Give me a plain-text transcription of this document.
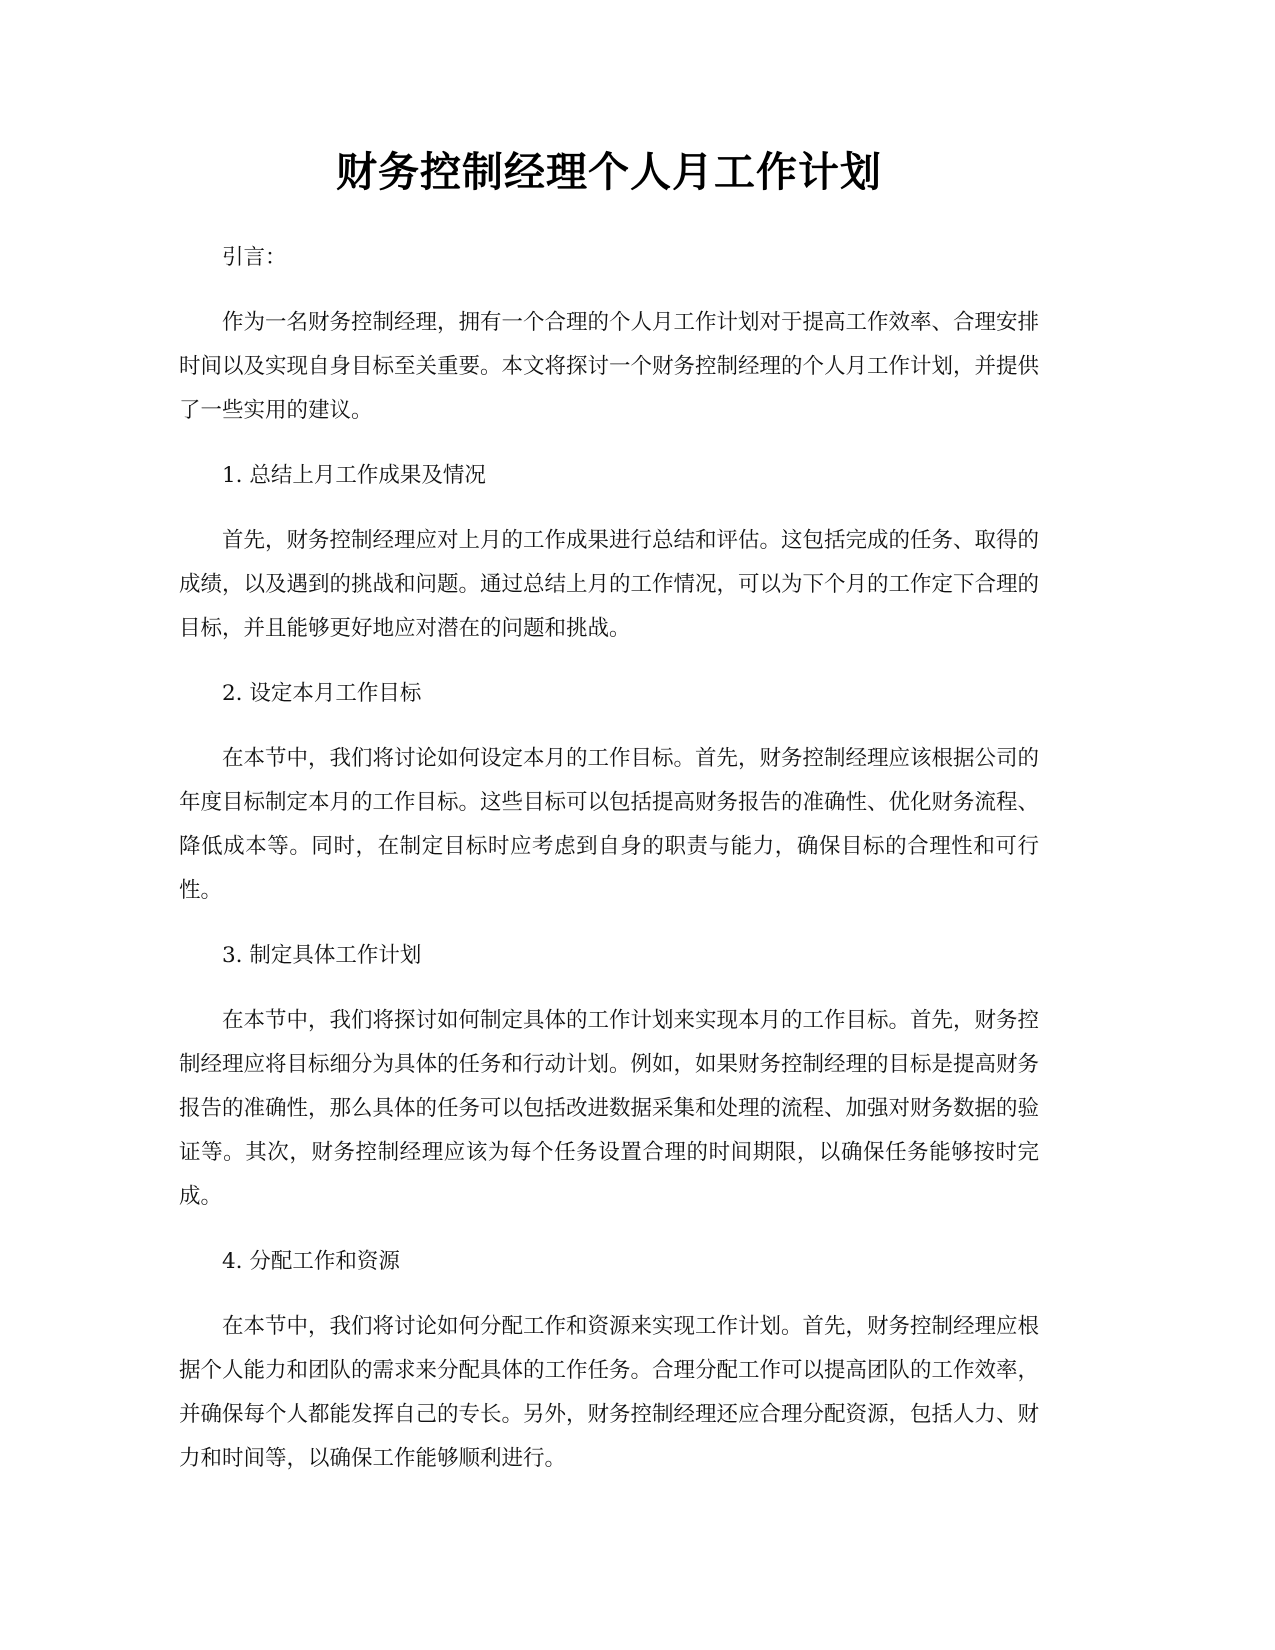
财务控制经理个人月工作计划

引言：

作为一名财务控制经理，拥有一个合理的个人月工作计划对于提高工作效率、合理安排时间以及实现自身目标至关重要。本文将探讨一个财务控制经理的个人月工作计划，并提供了一些实用的建议。

1. 总结上月工作成果及情况

首先，财务控制经理应对上月的工作成果进行总结和评估。这包括完成的任务、取得的成绩，以及遇到的挑战和问题。通过总结上月的工作情况，可以为下个月的工作定下合理的目标，并且能够更好地应对潜在的问题和挑战。

2. 设定本月工作目标

在本节中，我们将讨论如何设定本月的工作目标。首先，财务控制经理应该根据公司的年度目标制定本月的工作目标。这些目标可以包括提高财务报告的准确性、优化财务流程、降低成本等。同时，在制定目标时应考虑到自身的职责与能力，确保目标的合理性和可行性。

3. 制定具体工作计划

在本节中，我们将探讨如何制定具体的工作计划来实现本月的工作目标。首先，财务控制经理应将目标细分为具体的任务和行动计划。例如，如果财务控制经理的目标是提高财务报告的准确性，那么具体的任务可以包括改进数据采集和处理的流程、加强对财务数据的验证等。其次，财务控制经理应该为每个任务设置合理的时间期限，以确保任务能够按时完成。

4. 分配工作和资源

在本节中，我们将讨论如何分配工作和资源来实现工作计划。首先，财务控制经理应根据个人能力和团队的需求来分配具体的工作任务。合理分配工作可以提高团队的工作效率，并确保每个人都能发挥自己的专长。另外，财务控制经理还应合理分配资源，包括人力、财力和时间等，以确保工作能够顺利进行。
